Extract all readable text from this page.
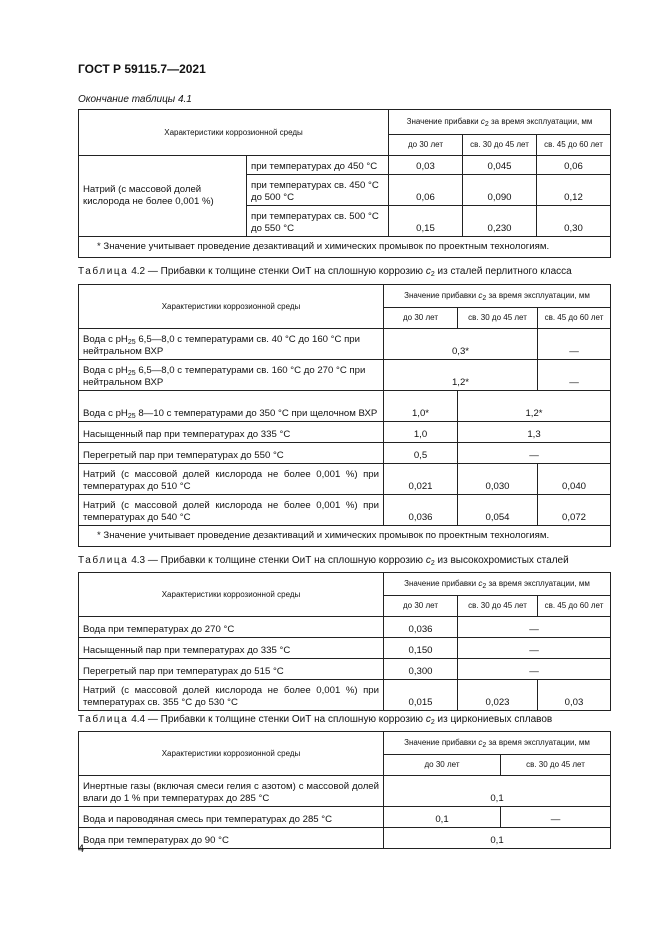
ГОСТ Р 59115.7—2021
Окончание таблицы 4.1
Характеристики коррозионной среды		Значение прибавки $c_2$ за время эксплуатации, мм		
		до 30 лет	св. 30 до 45 лет	св. 45 до 60 лет
Натрий (с массовой долей кислорода не более 0,001 %)	при температурах до 450 °C	0,03	0,045	0,06
	при температурах св. 450 °C до 500 °C	0,06	0,090	0,12
	при температурах св. 500 °C до 550 °C	0,15	0,230	0,30
* Значение учитывает проведение дезактиваций и химических промывок по проектным технологиям.				
Таблица 4.2 — Прибавки к толщине стенки ОиТ на сплошную коррозию $c_2$ из сталей перлитного класса
Характеристики коррозионной среды	Значение прибавки $c_2$ за время эксплуатации, мм		
	до 30 лет	св. 30 до 45 лет	св. 45 до 60 лет
Вода с $pH_{25}$ 6,5—8,0 с температурами св. 40 °C до 160 °C при нейтральном ВХР	0,3*		—
Вода с $pH_{25}$ 6,5—8,0 с температурами св. 160 °C до 270 °C при нейтральном ВХР	1,2*		—
Вода с $pH_{25}$ 8—10 с температурами до 350 °C при щелочном ВХР	1,0*	1,2*	
Насыщенный пар при температурах до 335 °C	1,0	1,3	
Перегретый пар при температурах до 550 °C	0,5	—	
Натрий (с массовой долей кислорода не более 0,001 %) при температурах до 510 °C	0,021	0,030	0,040
Натрий (с массовой долей кислорода не более 0,001 %) при температурах до 540 °C	0,036	0,054	0,072
* Значение учитывает проведение дезактиваций и химических промывок по проектным технологиям.			
Таблица 4.3 — Прибавки к толщине стенки ОиТ на сплошную коррозию $c_2$ из высокохромистых сталей
Характеристики коррозионной среды	Значение прибавки $c_2$ за время эксплуатации, мм		
	до 30 лет	св. 30 до 45 лет	св. 45 до 60 лет
Вода при температурах до 270 °C	0,036	—	
Насыщенный пар при температурах до 335 °C	0,150	—	
Перегретый пар при температурах до 515 °C	0,300	—	
Натрий (с массовой долей кислорода не более 0,001 %) при температурах св. 355 °C до 530 °C	0,015	0,023	0,03
Таблица 4.4 — Прибавки к толщине стенки ОиТ на сплошную коррозию $c_2$ из циркониевых сплавов
Характеристики коррозионной среды	Значение прибавки $c_2$ за время эксплуатации, мм	
	до 30 лет	св. 30 до 45 лет
Инертные газы (включая смеси гелия с азотом) с массовой долей влаги до 1 % при температурах до 285 °C	0,1	
Вода и пароводяная смесь при температурах до 285 °C	0,1	—
Вода при температурах до 90 °C	0,1	
4
